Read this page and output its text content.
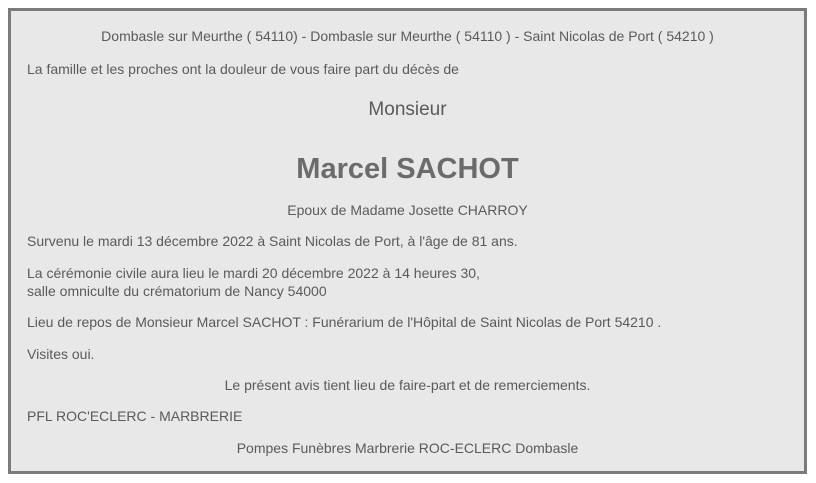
Dombasle sur Meurthe ( 54110) - Dombasle sur Meurthe ( 54110 ) - Saint Nicolas de Port ( 54210 )
La famille et les proches ont la douleur de vous faire part du décès de
Monsieur
Marcel SACHOT
Epoux de Madame Josette CHARROY
Survenu le mardi 13 décembre 2022 à Saint Nicolas de Port, à l'âge de 81 ans.
La cérémonie civile aura lieu le mardi 20 décembre 2022 à 14 heures 30,
salle omniculte du crématorium de Nancy 54000
Lieu de repos de Monsieur Marcel SACHOT : Funérarium de l'Hôpital de Saint Nicolas de Port 54210 .
Visites oui.
Le présent avis tient lieu de faire-part et de remerciements.
PFL ROC'ECLERC - MARBRERIE
Pompes Funèbres Marbrerie ROC-ECLERC Dombasle
